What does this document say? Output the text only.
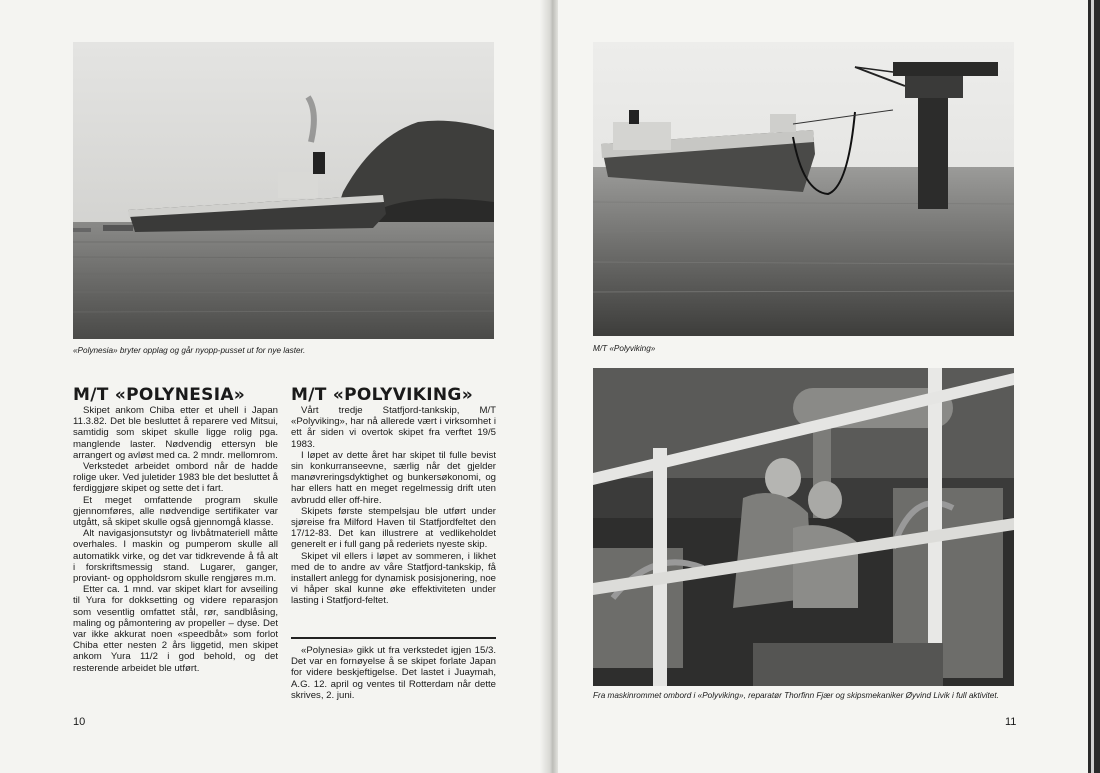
«Polynesia» bryter opplag og går nyopp-pusset ut for nye laster.
M/T «POLYNESIA»

Skipet ankom Chiba etter et uhell i Japan 11.3.82. Det ble besluttet å reparere ved Mitsui, samtidig som skipet skulle ligge rolig pga. manglende laster. Nødvendig ettersyn ble arrangert og avløst med ca. 2 mndr. mellomrom.

Verkstedet arbeidet ombord når de hadde rolige uker. Ved juletider 1983 ble det besluttet å ferdiggjøre skipet og sette det i fart.

Et meget omfattende program skulle gjennomføres, alle nødvendige sertifikater var utgått, så skipet skulle også gjennomgå klasse.

Alt navigasjonsutstyr og livbåtmateriell måtte overhales. I maskin og pumperom skulle all automatikk virke, og det var tidkrevende å få alt i forskriftsmessig stand. Lugarer, ganger, proviant- og oppholdsrom skulle rengjøres m.m.

Etter ca. 1 mnd. var skipet klart for avseiling til Yura for dokksetting og videre reparasjon som vesentlig omfattet stål, rør, sandblåsing, maling og påmontering av propeller – dyse. Det var ikke akkurat noen «speedbåt» som forlot Chiba etter nesten 2 års liggetid, men skipet ankom Yura 11/2 i god behold, og det resterende arbeidet ble utført.

M/T «POLYVIKING»

Vårt tredje Statfjord-tankskip, M/T «Polyviking», har nå allerede vært i virksomhet i ett år siden vi overtok skipet fra verftet 19/5 1983.

I løpet av dette året har skipet til fulle bevist sin konkurranseevne, særlig når det gjelder manøvreringsdyktighet og bunkersøkonomi, og har ellers hatt en meget regelmessig drift uten avbrudd eller off-hire.

Skipets første stempelsjau ble utført under sjøreise fra Milford Haven til Statfjordfeltet den 17/12-83. Det kan illustrere at vedlikeholdet generelt er i full gang på rederiets nyeste skip.

Skipet vil ellers i løpet av sommeren, i likhet med de to andre av våre Statfjord-tankskip, få installert anlegg for dynamisk posisjonering, noe vi håper skal kunne øke effektiviteten under lasting i Statfjord-feltet.

«Polynesia» gikk ut fra verkstedet igjen 15/3. Det var en fornøyelse å se skipet forlate Japan for videre beskjeftigelse. Det lastet i Juaymah, A.G. 12. april og ventes til Rotterdam når dette skrives, 2. juni.

10
M/T «Polyviking»
Fra maskinrommet ombord i «Polyviking», reparatør Thorfinn Fjær og skipsmekaniker Øyvind Livik i full aktivitet.
11
